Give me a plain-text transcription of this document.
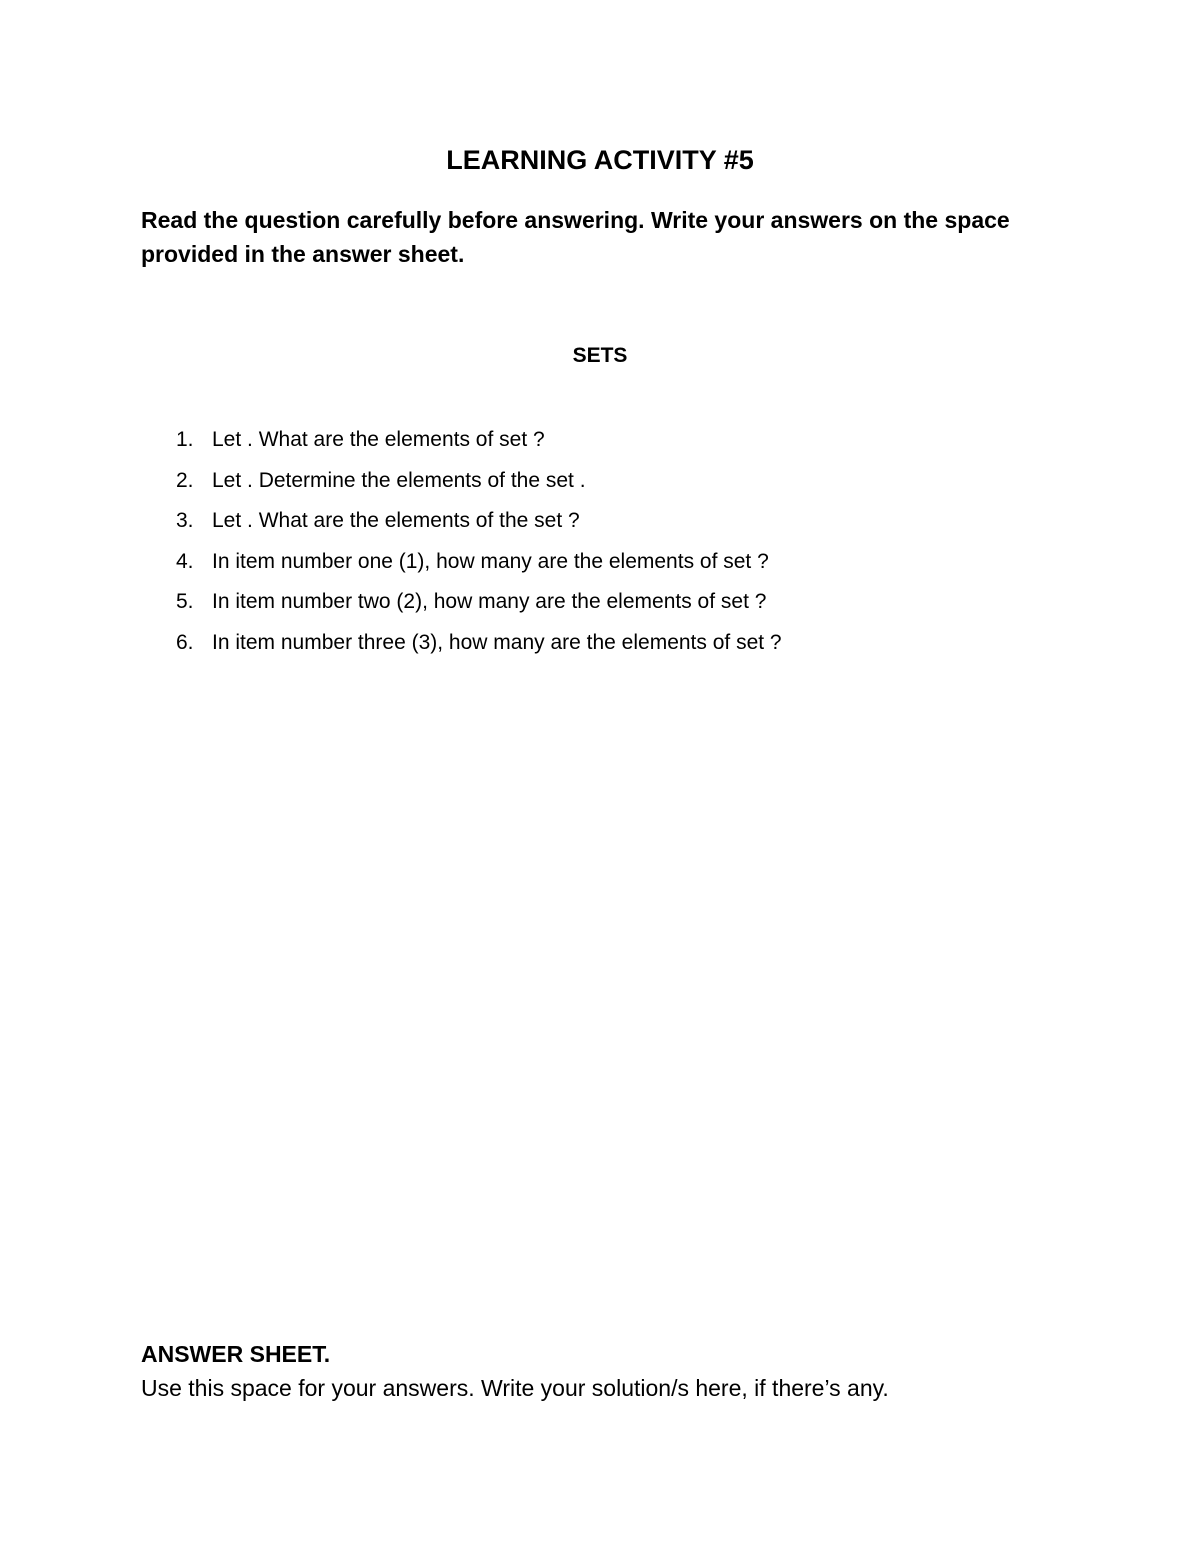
LEARNING ACTIVITY #5

Read the question carefully before answering. Write your answers on the space provided in the answer sheet.

SETS
1. Let . What are the elements of set ?
2. Let . Determine the elements of the set .
3. Let . What are the elements of the set ?
4. In item number one (1), how many are the elements of set ?
5. In item number two (2), how many are the elements of set ?
6. In item number three (3), how many are the elements of set ?
ANSWER SHEET.

Use this space for your answers. Write your solution/s here, if there’s any.
